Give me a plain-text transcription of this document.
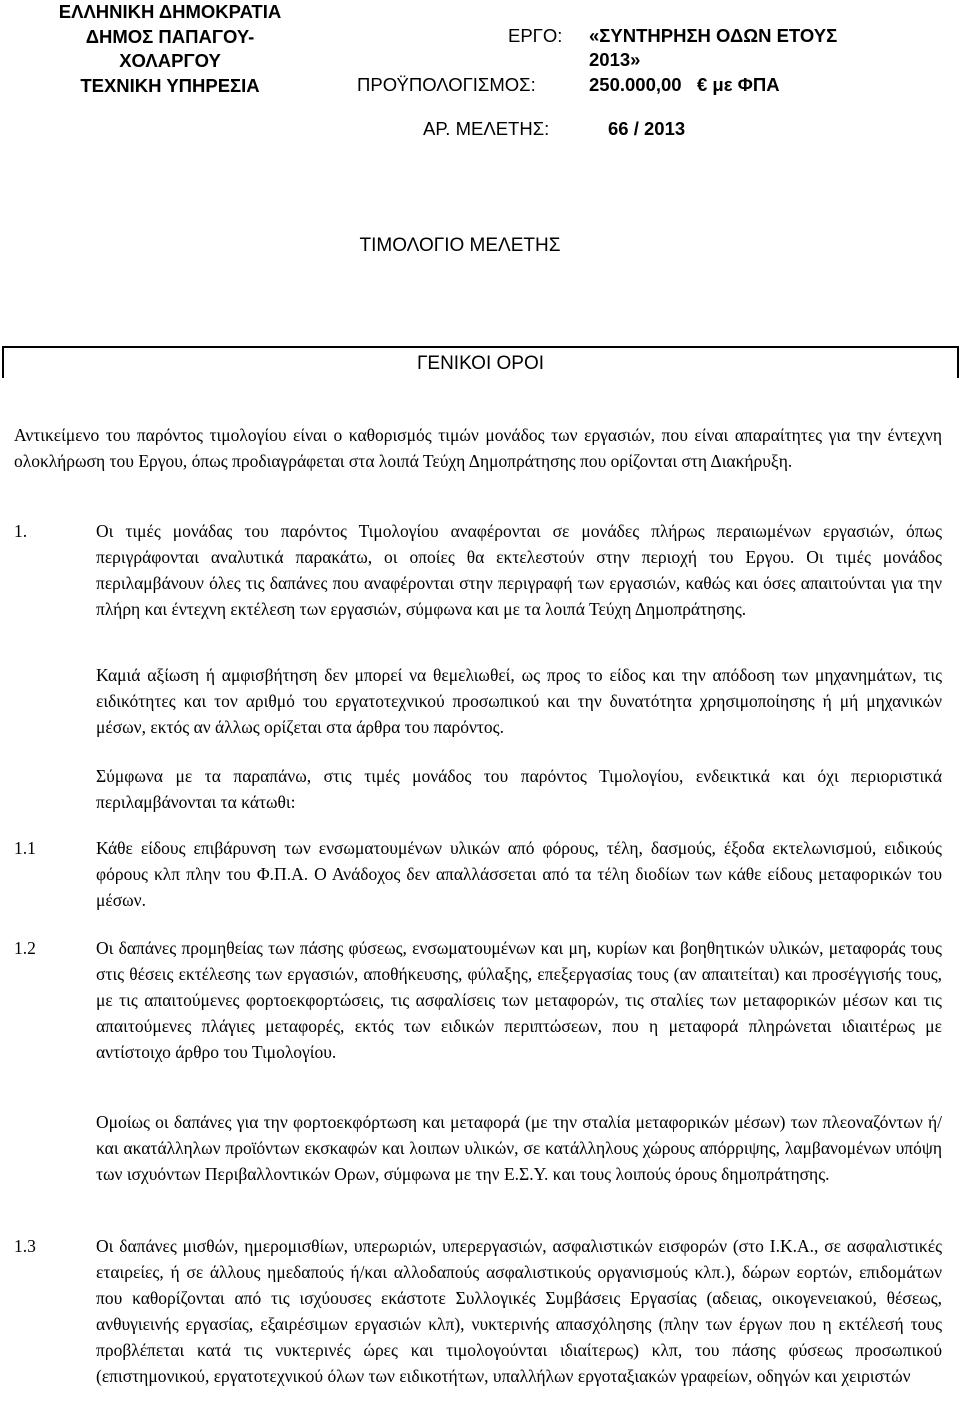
ΕΛΛΗΝΙΚΗ ΔΗΜΟΚΡΑΤΙΑ
ΔΗΜΟΣ ΠΑΠΑΓΟΥ-
ΧΟΛΑΡΓΟΥ
ΤΕΧΝΙΚΗ ΥΠΗΡΕΣΙΑ
ΕΡΓΟ: «ΣΥΝΤΗΡΗΣΗ ΟΔΩΝ ΕΤΟΥΣ
2013»
ΠΡΟΫΠΟΛΟΓΙΣΜΟΣ:	250.000,00 € με ΦΠΑ
ΑΡ. ΜΕΛΕΤΗΣ:	66 / 2013
ΤΙΜΟΛΟΓΙΟ ΜΕΛΕΤΗΣ
ΓΕΝΙΚΟΙ ΟΡΟΙ
Αντικείμενο του παρόντος τιμολογίου είναι ο καθορισμός τιμών μονάδος των εργασιών, που είναι απαραίτητες για την έντεχνη ολοκλήρωση του Εργου, όπως προδιαγράφεται στα λοιπά Τεύχη Δημοπράτησης που ορίζονται στη Διακήρυξη.
1.	Οι τιμές μονάδας του παρόντος Τιμολογίου αναφέρονται σε μονάδες πλήρως περαιωμένων εργασιών, όπως περιγράφονται αναλυτικά παρακάτω, οι οποίες θα εκτελεστούν στην περιοχή του Εργου. Οι τιμές μονάδος περιλαμβάνουν όλες τις δαπάνες που αναφέρονται στην περιγραφή των εργασιών, καθώς και όσες απαιτούνται για την πλήρη και έντεχνη εκτέλεση των εργασιών, σύμφωνα και με τα λοιπά Τεύχη Δημοπράτησης.
Καμιά αξίωση ή αμφισβήτηση δεν μπορεί να θεμελιωθεί, ως προς το είδος και την απόδοση των μηχανημάτων, τις ειδικότητες και τον αριθμό του εργατοτεχνικού προσωπικού και την δυνατότητα χρησιμοποίησης ή μή μηχανικών μέσων, εκτός αν άλλως ορίζεται στα άρθρα του παρόντος.
Σύμφωνα με τα παραπάνω, στις τιμές μονάδος του παρόντος Τιμολογίου, ενδεικτικά και όχι περιοριστικά περιλαμβάνονται τα κάτωθι:
1.1	Κάθε είδους επιβάρυνση των ενσωματουμένων υλικών από φόρους, τέλη, δασμούς, έξοδα εκτελωνισμού, ειδικούς φόρους κλπ πλην του Φ.Π.Α. Ο Ανάδοχος δεν απαλλάσσεται από τα τέλη διοδίων των κάθε είδους μεταφορικών του μέσων.
1.2	Οι δαπάνες προμηθείας των πάσης φύσεως, ενσωματουμένων και μη, κυρίων και βοηθητικών υλικών, μεταφοράς τους στις θέσεις εκτέλεσης των εργασιών, αποθήκευσης, φύλαξης, επεξεργασίας τους (αν απαιτείται) και προσέγγισής τους, με τις απαιτούμενες φορτοεκφορτώσεις, τις ασφαλίσεις των μεταφορών, τις σταλίες των μεταφορικών μέσων και τις απαιτούμενες πλάγιες μεταφορές, εκτός των ειδικών περιπτώσεων, που η μεταφορά πληρώνεται ιδιαιτέρως με αντίστοιχο άρθρο του Τιμολογίου.
Ομοίως οι δαπάνες για την φορτοεκφόρτωση και μεταφορά (με την σταλία μεταφορικών μέσων) των πλεοναζόντων ή/και ακατάλληλων προϊόντων εκσκαφών και λοιπων υλικών, σε κατάλληλους χώρους απόρριψης, λαμβανομένων υπόψη των ισχυόντων Περιβαλλοντικών Ορων, σύμφωνα με την Ε.Σ.Υ. και τους λοιπούς όρους δημοπράτησης.
1.3	Οι δαπάνες μισθών, ημερομισθίων, υπερωριών, υπερεργασιών, ασφαλιστικών εισφορών (στο Ι.Κ.Α., σε ασφαλιστικές εταιρείες, ή σε άλλους ημεδαπούς ή/και αλλοδαπούς ασφαλιστικούς οργανισμούς κλπ.), δώρων εορτών, επιδομάτων που καθορίζονται από τις ισχύουσες εκάστοτε Συλλογικές Συμβάσεις Εργασίας (αδειας, οικογενειακού, θέσεως, ανθυγιεινής εργασίας, εξαιρέσιμων εργασιών κλπ), νυκτερινής απασχόλησης (πλην των έργων που η εκτέλεσή τους προβλέπεται κατά τις νυκτερινές ώρες και τιμολογούνται ιδιαίτερως) κλπ, του πάσης φύσεως προσωπικού (επιστημονικού, εργατοτεχνικού όλων των ειδικοτήτων, υπαλλήλων εργοταξιακών γραφείων, οδηγών και χειριστών
